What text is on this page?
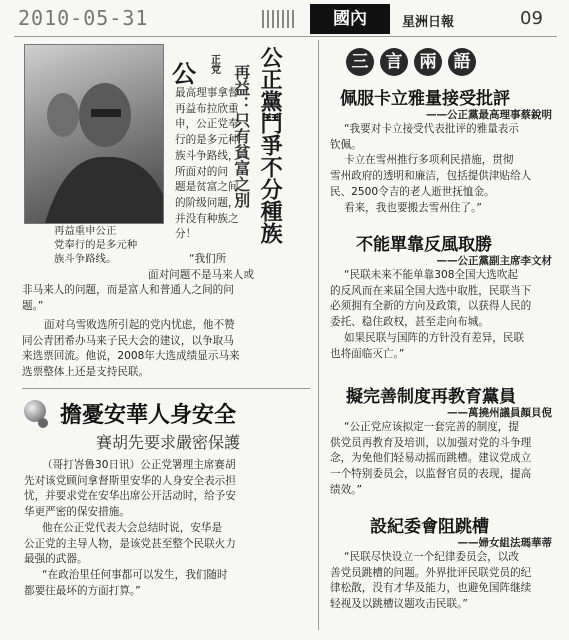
2010-05-31	國內	星洲日報	09
再益重申公正
党奉行的是多元种
族斗争路线。
公 正党
最高理事拿督
再益布拉欣重
申，公正党奉
行的是多元种
族斗争路线，
所面对的问
题是贫富之间
的阶级问题，
并没有种族之
分！
再益：只有貧富之別 公正黨鬥爭不分種族
“我们所
面对问题不是马来人或
非马来人的问题，而是富人和普通人之间的问
题。”
面对乌雪败选所引起的党内忧虑，他不赞
同公青团希办马来子民大会的建议，以争取马
来选票回流。他说，2008年大选成绩显示马来
选票整体上还是支持民联。
擔憂安華人身安全
賽胡先要求嚴密保護
（哥打峇鲁30日讯）公正党署理主席赛胡
先对该党顾问拿督斯里安华的人身安全表示担
忧，并要求党在安华出席公开活动时，给予安
华更严密的保安措施。
他在公正党代表大会总结时说，安华是
公正党的主导人物，是该党甚至整个民联火力
最强的武器。
“在政治里任何事都可以发生，我们随时
都要往最坏的方面打算。”
三 言 兩 語
佩服卡立雅量接受批評
——公正黨最高理事蔡銳明
“我要对卡立接受代表批评的雅量表示
钦佩。
卡立在雪州推行多项利民措施，贯彻
雪州政府的透明和廉洁，包括提供津贴给人
民、2500令吉的老人逝世抚恤金。
看来，我也要搬去雪州住了。”
不能單靠反風取勝
——公正黨副主席李文材
“民联未来不能单靠308全国大选吹起
的反风而在来届全国大选中取胜，民联当下
必须拥有全新的方向及政策，以获得人民的
委托、稳住政权，甚至走向布城。
如果民联与国阵的方针没有差异，民联
也将面临灭亡。”
擬完善制度再教育黨員
——萬撓州議員顏貝倪
“公正党应该拟定一套完善的制度，提
供党员再教育及培训，以加强对党的斗争理
念，为免他们轻易动摇而跳槽。建议党成立
一个特别委员会，以监督官员的表现，提高
绩效。”
設紀委會阻跳槽
——婦女組法瑪華蒂
“民联尽快设立一个纪律委员会，以改
善党员跳槽的问题。外界批评民联党员的纪
律松散，没有才华及能力，也避免国阵继续
轻视及以跳槽议题攻击民联。”
